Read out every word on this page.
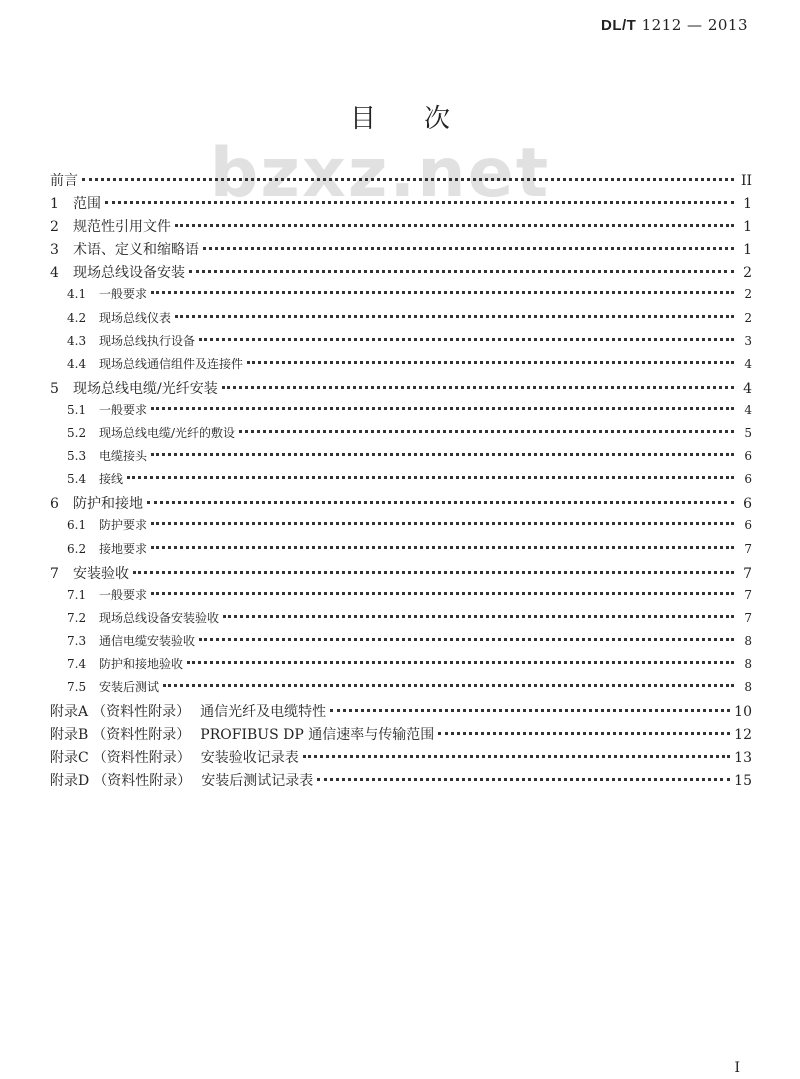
DL/T 1212 — 2013
bzxz.net
目次
前言	II
1 范围	1
2 规范性引用文件	1
3 术语、定义和缩略语	1
4 现场总线设备安装	2
4.1 一般要求	2
4.2 现场总线仪表	2
4.3 现场总线执行设备	3
4.4 现场总线通信组件及连接件	4
5 现场总线电缆/光纤安装	4
5.1 一般要求	4
5.2 现场总线电缆/光纤的敷设	5
5.3 电缆接头	6
5.4 接线	6
6 防护和接地	6
6.1 防护要求	6
6.2 接地要求	7
7 安装验收	7
7.1 一般要求	7
7.2 现场总线设备安装验收	7
7.3 通信电缆安装验收	8
7.4 防护和接地验收	8
7.5 安装后测试	8
附录A （资料性附录） 通信光纤及电缆特性	10
附录B （资料性附录） PROFIBUS DP 通信速率与传输范围	12
附录C （资料性附录） 安装验收记录表	13
附录D （资料性附录） 安装后测试记录表	15
I
